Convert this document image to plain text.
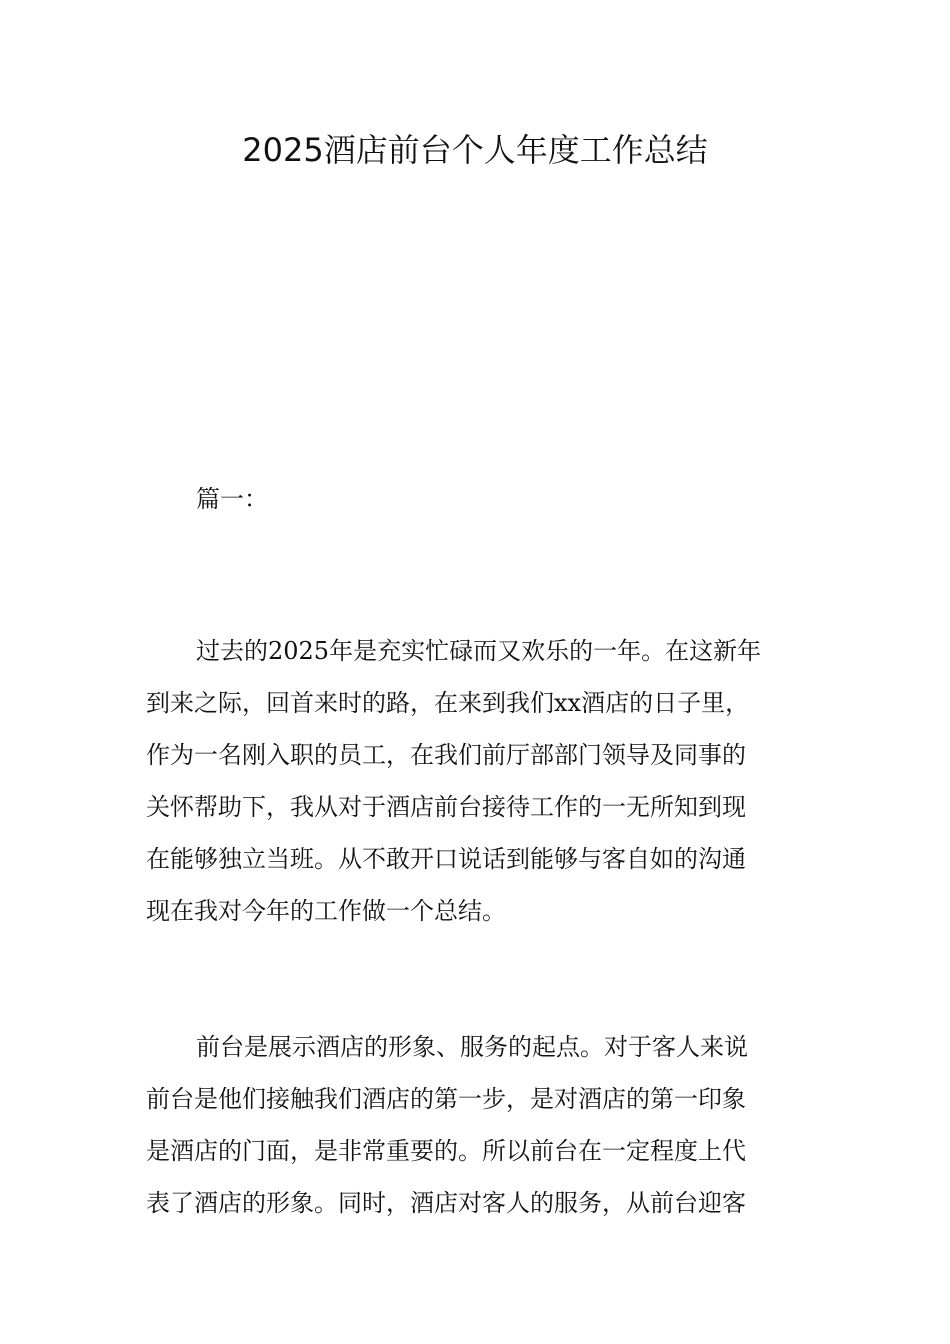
2025酒店前台个人年度工作总结
篇一：
过去的2025年是充实忙碌而又欢乐的一年。在这新年
到来之际，回首来时的路，在来到我们xx酒店的日子里，
作为一名刚入职的员工，在我们前厅部部门领导及同事的
关怀帮助下，我从对于酒店前台接待工作的一无所知到现
在能够独立当班。从不敢开口说话到能够与客自如的沟通
现在我对今年的工作做一个总结。
前台是展示酒店的形象、服务的起点。对于客人来说
前台是他们接触我们酒店的第一步，是对酒店的第一印象
是酒店的门面，是非常重要的。所以前台在一定程度上代
表了酒店的形象。同时，酒店对客人的服务，从前台迎客
